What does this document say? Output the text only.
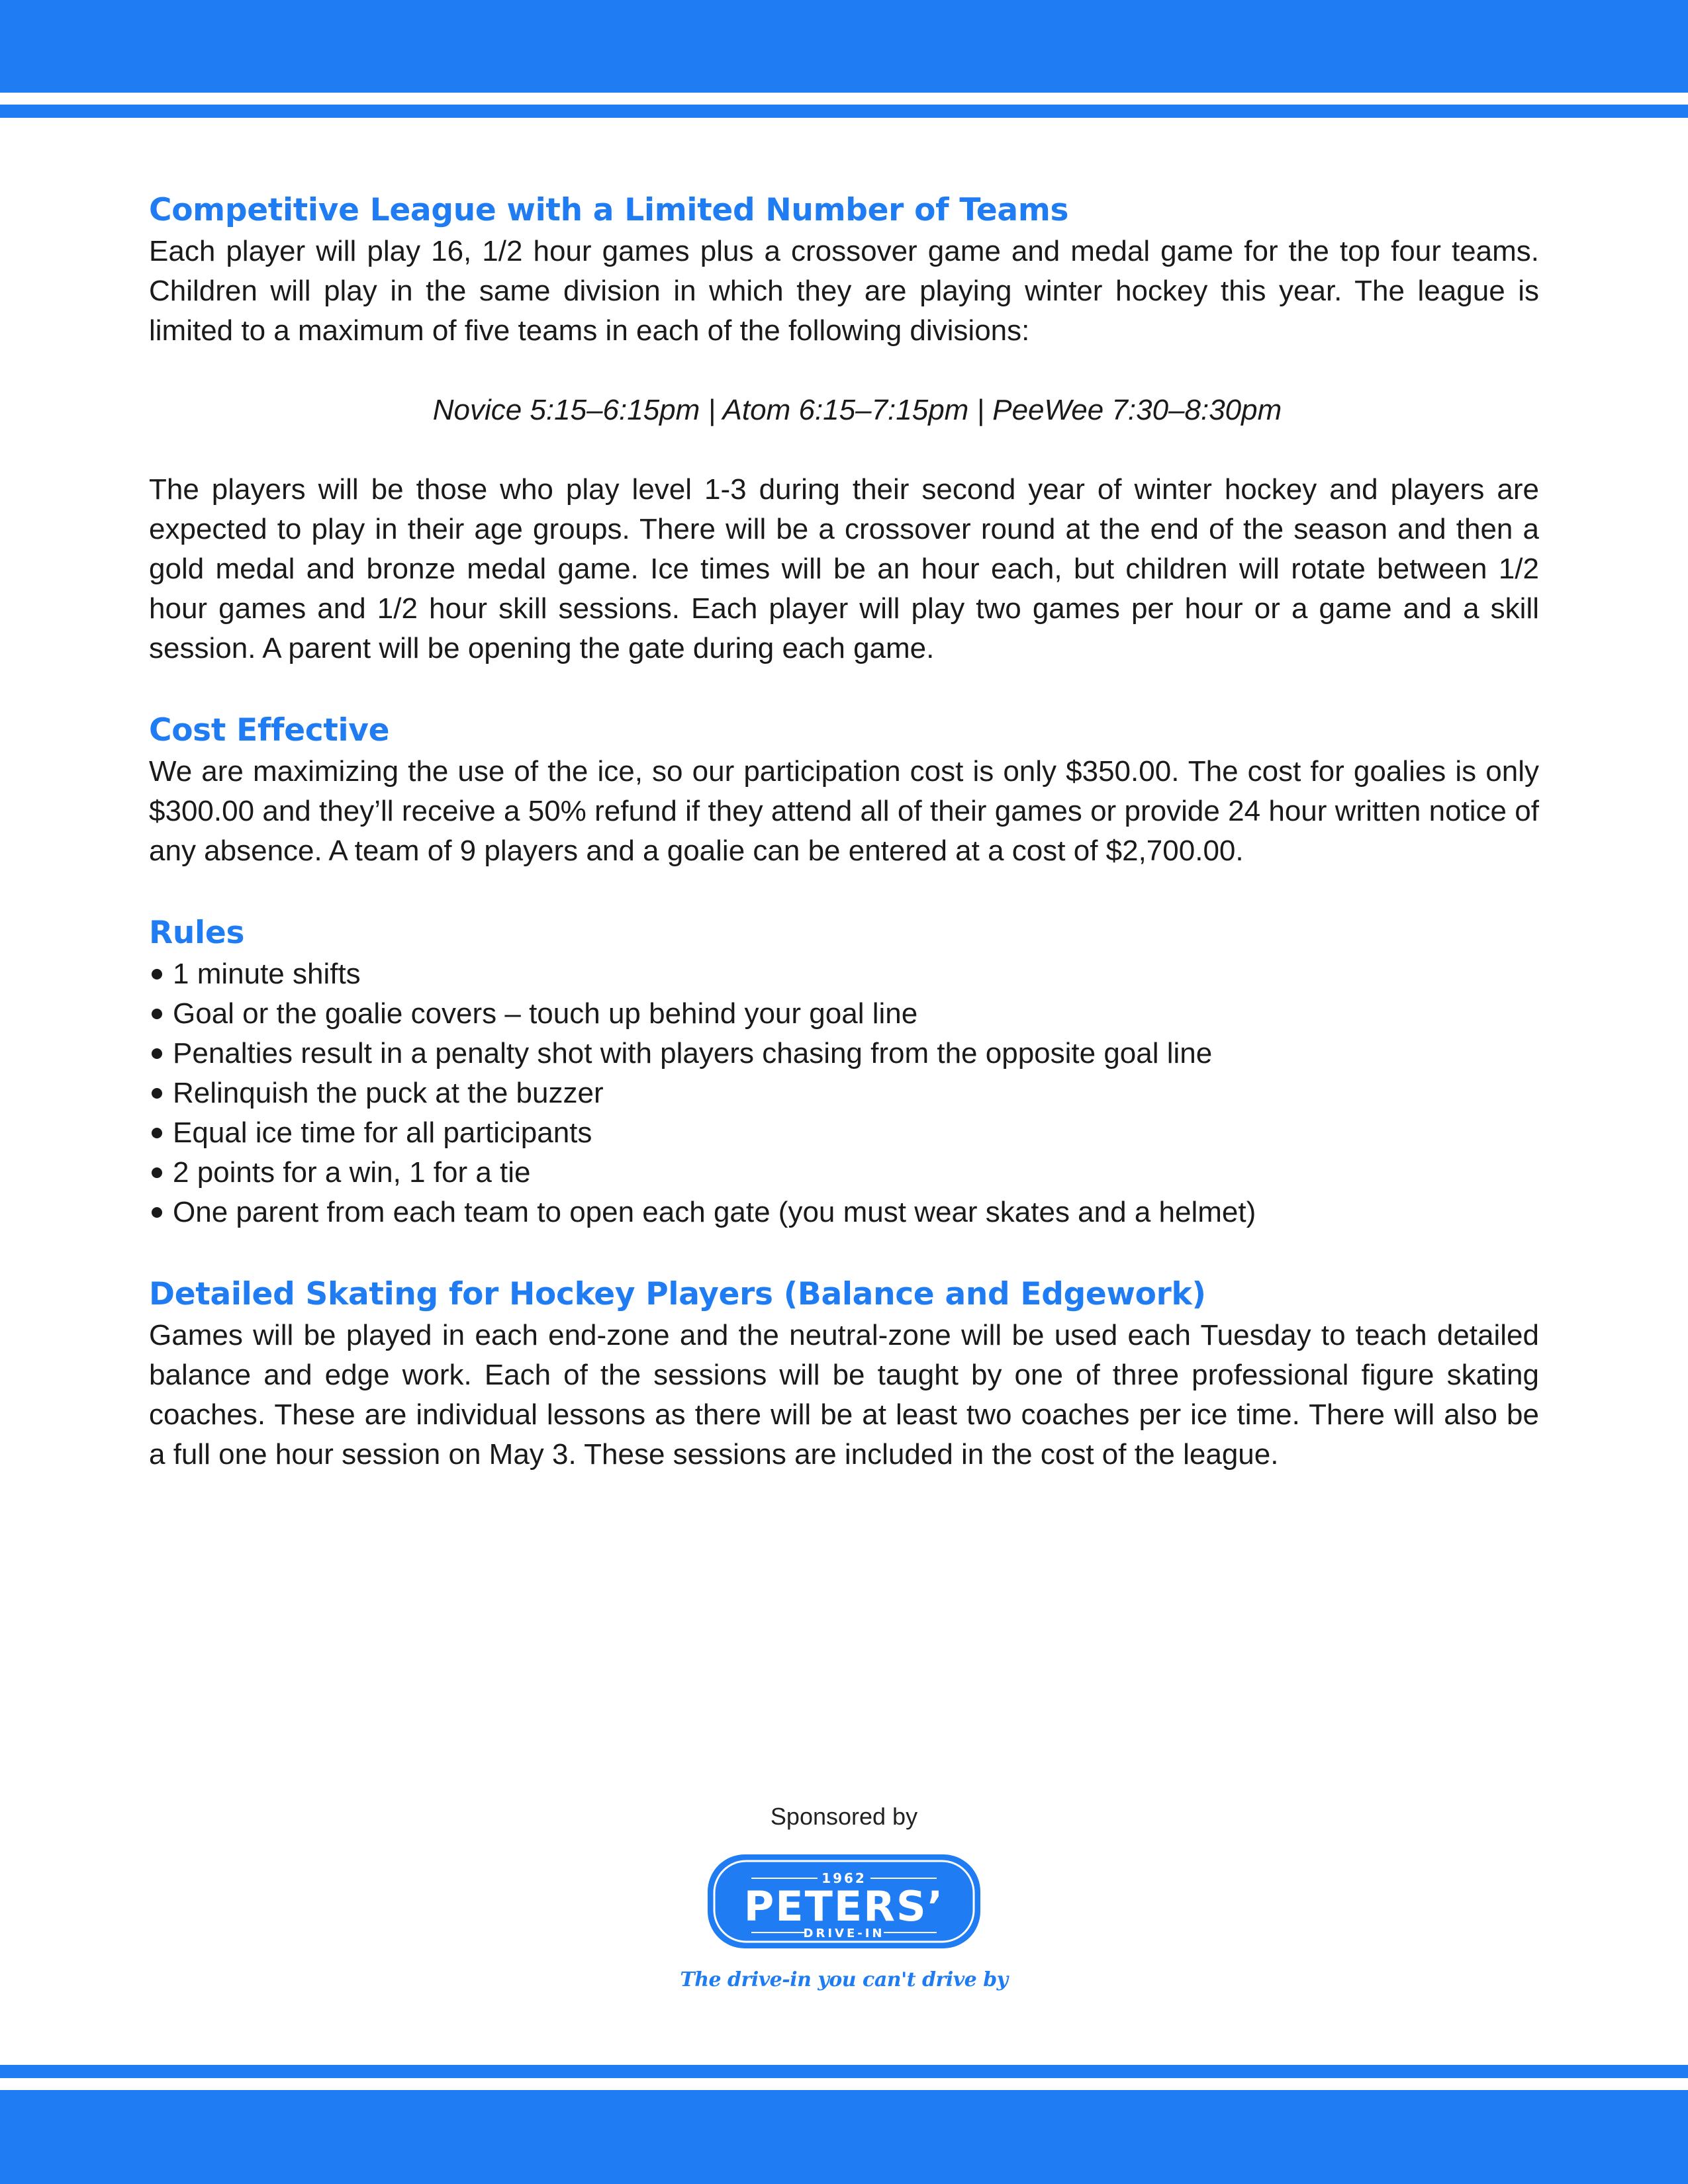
Competitive League with a Limited Number of Teams

Each player will play 16, 1/2 hour games plus a crossover game and medal game for the top four teams. Children will play in the same division in which they are playing winter hockey this year. The league is limited to a maximum of five teams in each of the following divisions:

Novice 5:15–6:15pm | Atom 6:15–7:15pm | PeeWee 7:30–8:30pm

The players will be those who play level 1-3 during their second year of winter hockey and players are expected to play in their age groups. There will be a crossover round at the end of the season and then a gold medal and bronze medal game. Ice times will be an hour each, but children will rotate between 1/2 hour games and 1/2 hour skill sessions. Each player will play two games per hour or a game and a skill session. A parent will be opening the gate during each game.

Cost Effective

We are maximizing the use of the ice, so our participation cost is only $350.00. The cost for goalies is only $300.00 and they’ll receive a 50% refund if they attend all of their games or provide 24 hour written notice of any absence. A team of 9 players and a goalie can be entered at a cost of $2,700.00.

Rules
1 minute shifts
Goal or the goalie covers – touch up behind your goal line
Penalties result in a penalty shot with players chasing from the opposite goal line
Relinquish the puck at the buzzer
Equal ice time for all participants
2 points for a win, 1 for a tie
One parent from each team to open each gate (you must wear skates and a helmet)
Detailed Skating for Hockey Players (Balance and Edgework)

Games will be played in each end-zone and the neutral-zone will be used each Tuesday to teach detailed balance and edge work. Each of the sessions will be taught by one of three professional figure skating coaches. These are individual lessons as there will be at least two coaches per ice time. There will also be a full one hour session on May 3. These sessions are included in the cost of the league.

Sponsored by
1962
PETERS’
DRIVE-IN
The drive-in you can't drive by
